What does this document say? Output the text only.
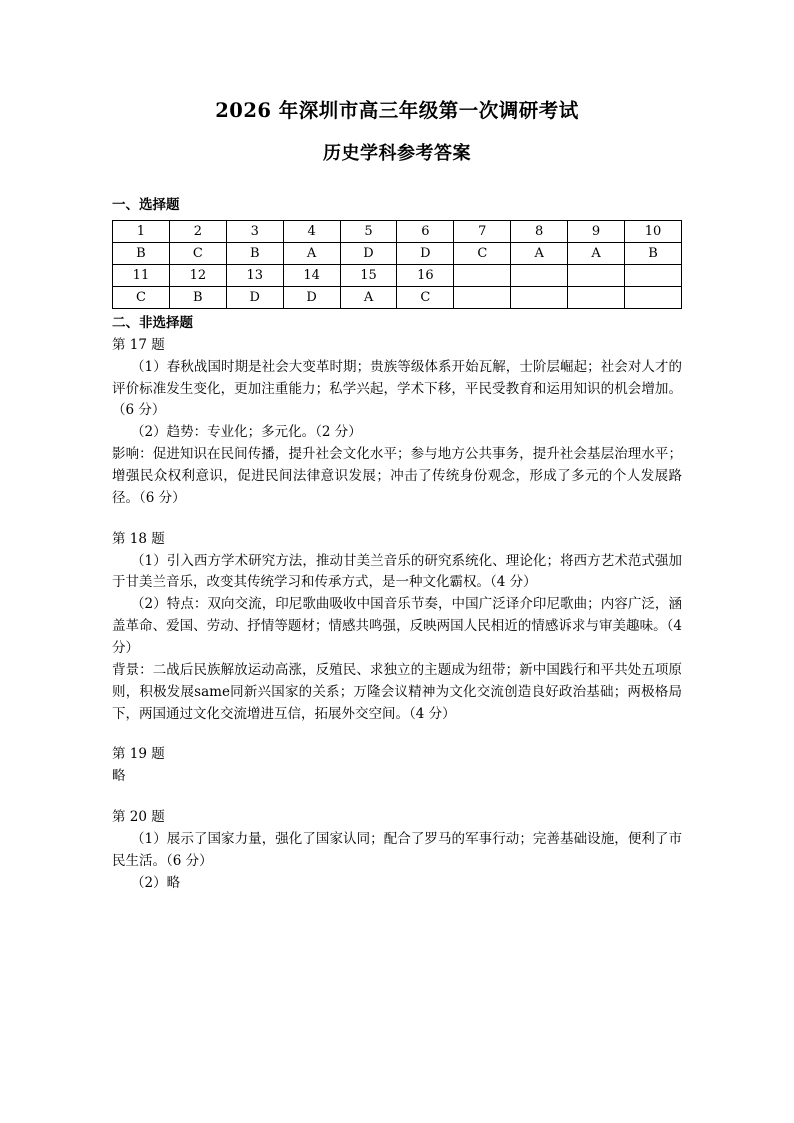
2026 年深圳市高三年级第一次调研考试
历史学科参考答案
一、选择题
1	2	3	4	5	6	7	8	9	10
B	C	B	A	D	D	C	A	A	B
11	12	13	14	15	16				
C	B	D	D	A	C				
二、非选择题
第 17 题

（1）春秋战国时期是社会大变革时期；贵族等级体系开始瓦解，士阶层崛起；社会对人才的评价标准发生变化，更加注重能力；私学兴起，学术下移，平民受教育和运用知识的机会增加。（6 分）

（2）趋势：专业化；多元化。（2 分）

影响：促进知识在民间传播，提升社会文化水平；参与地方公共事务，提升社会基层治理水平；增强民众权利意识，促进民间法律意识发展；冲击了传统身份观念，形成了多元的个人发展路径。（6 分）

第 18 题

（1）引入西方学术研究方法，推动甘美兰音乐的研究系统化、理论化；将西方艺术范式强加于甘美兰音乐，改变其传统学习和传承方式，是一种文化霸权。（4 分）

（2）特点：双向交流，印尼歌曲吸收中国音乐节奏，中国广泛译介印尼歌曲；内容广泛，涵盖革命、爱国、劳动、抒情等题材；情感共鸣强，反映两国人民相近的情感诉求与审美趣味。（4 分）

背景：二战后民族解放运动高涨，反殖民、求独立的主题成为纽带；新中国践行和平共处五项原则，积极发展same同新兴国家的关系；万隆会议精神为文化交流创造良好政治基础；两极格局下，两国通过文化交流增进互信，拓展外交空间。（4 分）

第 19 题

略

第 20 题

（1）展示了国家力量，强化了国家认同；配合了罗马的军事行动；完善基础设施，便利了市民生活。（6 分）

（2）略
